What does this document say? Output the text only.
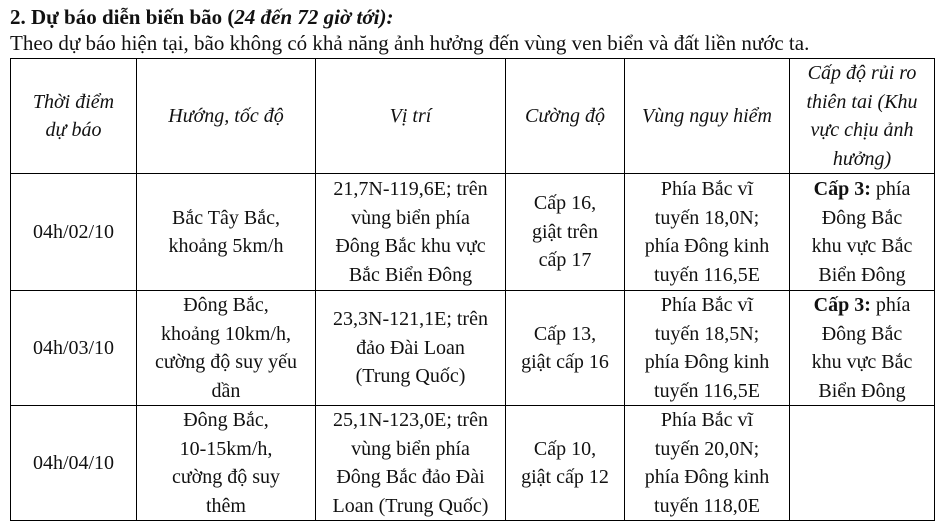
2. Dự báo diễn biến bão (24 đến 72 giờ tới):
Theo dự báo hiện tại, bão không có khả năng ảnh hưởng đến vùng ven biển và đất liền nước ta.
Thời điểm
dự báo	Hướng, tốc độ	Vị trí	Cường độ	Vùng nguy hiểm	Cấp độ rủi ro
thiên tai (Khu
vực chịu ảnh
hưởng)

04h/02/10	Bắc Tây Bắc,
khoảng 5km/h	21,7N-119,6E; trên
vùng biển phía
Đông Bắc khu vực
Bắc Biển Đông	Cấp 16,
giật trên
cấp 17	Phía Bắc vĩ
tuyến 18,0N;
phía Đông kinh
tuyến 116,5E	Cấp 3: phía
Đông Bắc
khu vực Bắc
Biển Đông

04h/03/10	Đông Bắc,
khoảng 10km/h,
cường độ suy yếu
dần	23,3N-121,1E; trên
đảo Đài Loan
(Trung Quốc)	Cấp 13,
giật cấp 16	Phía Bắc vĩ
tuyến 18,5N;
phía Đông kinh
tuyến 116,5E	Cấp 3: phía
Đông Bắc
khu vực Bắc
Biển Đông

04h/04/10	Đông Bắc,
10-15km/h,
cường độ suy
thêm	25,1N-123,0E; trên
vùng biển phía
Đông Bắc đảo Đài
Loan (Trung Quốc)	Cấp 10,
giật cấp 12	Phía Bắc vĩ
tuyến 20,0N;
phía Đông kinh
tuyến 118,0E	
